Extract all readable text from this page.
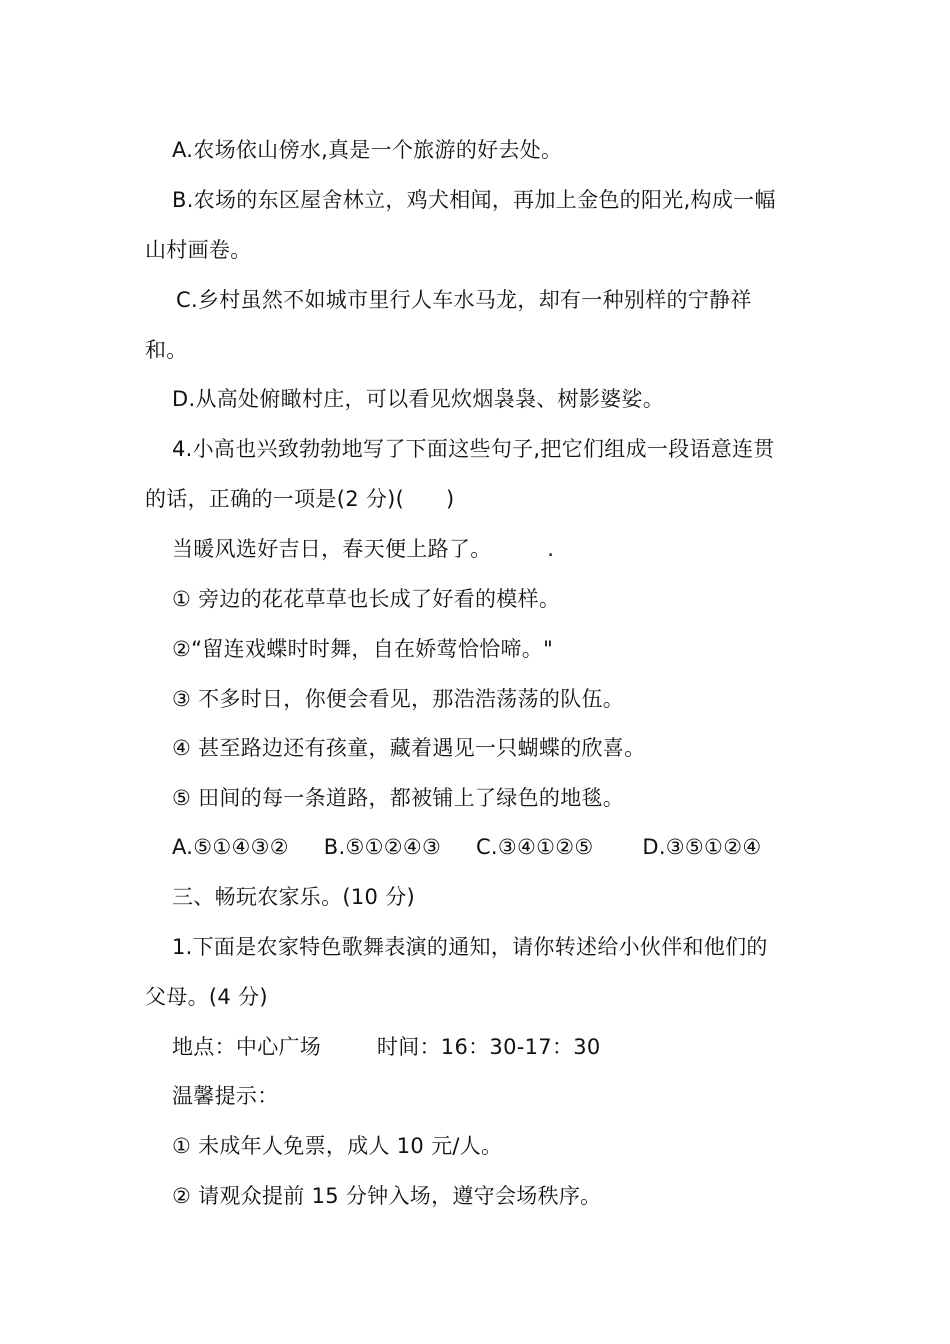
A.农场依山傍水,真是一个旅游的好去处。
B.农场的东区屋舍林立，鸡犬相闻，再加上金色的阳光,构成一幅
山村画卷。
C.乡村虽然不如城市里行人车水马龙，却有一种别样的宁静祥
和。
D.从高处俯瞰村庄，可以看见炊烟袅袅、树影婆娑。
4.小高也兴致勃勃地写了下面这些句子,把它们组成一段语意连贯
的话，正确的一项是(2 分)(      )
当暖风选好吉日，春天便上路了。        .
① 旁边的花花草草也长成了好看的模样。
②“留连戏蝶时时舞，自在娇莺恰恰啼。"
③ 不多时日，你便会看见，那浩浩荡荡的队伍。
④ 甚至路边还有孩童，藏着遇见一只蝴蝶的欣喜。
⑤ 田间的每一条道路，都被铺上了绿色的地毯。
A.⑤①④③②     B.⑤①②④③     C.③④①②⑤       D.③⑤①②④
三、畅玩农家乐。(10 分)
1.下面是农家特色歌舞表演的通知，请你转述给小伙伴和他们的
父母。(4 分)
地点：中心广场        时间：16：30-17：30
温馨提示：
① 未成年人免票，成人 10 元/人。
② 请观众提前 15 分钟入场，遵守会场秩序。
